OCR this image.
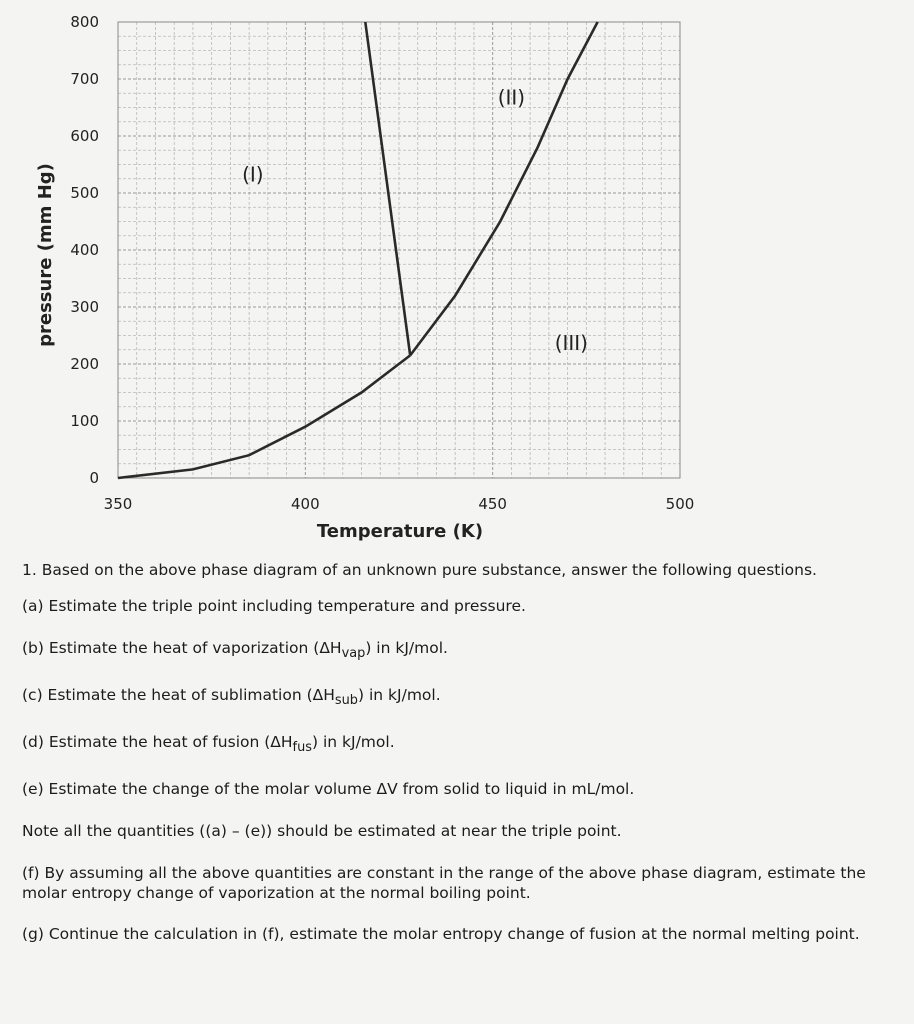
350	400	450	500
0
100
200
300
400
500
600
700
800
(I)
(II)
(III)
Temperature (K)
pressure (mm Hg)

1. Based on the above phase diagram of an unknown pure substance, answer the following questions.

(a) Estimate the triple point including temperature and pressure.

(b) Estimate the heat of vaporization $(\Delta H_{vap})$ in kJ/mol.

(c) Estimate the heat of sublimation $(\Delta H_{sub})$ in kJ/mol.

(d) Estimate the heat of fusion $(\Delta H_{fus})$ in kJ/mol.

(e) Estimate the change of the molar volume ΔV from solid to liquid in mL/mol.

Note all the quantities ((a) – (e)) should be estimated at near the triple point.

(f) By assuming all the above quantities are constant in the range of the above phase diagram, estimate the molar entropy change of vaporization at the normal boiling point.

(g) Continue the calculation in (f), estimate the molar entropy change of fusion at the normal melting point.
